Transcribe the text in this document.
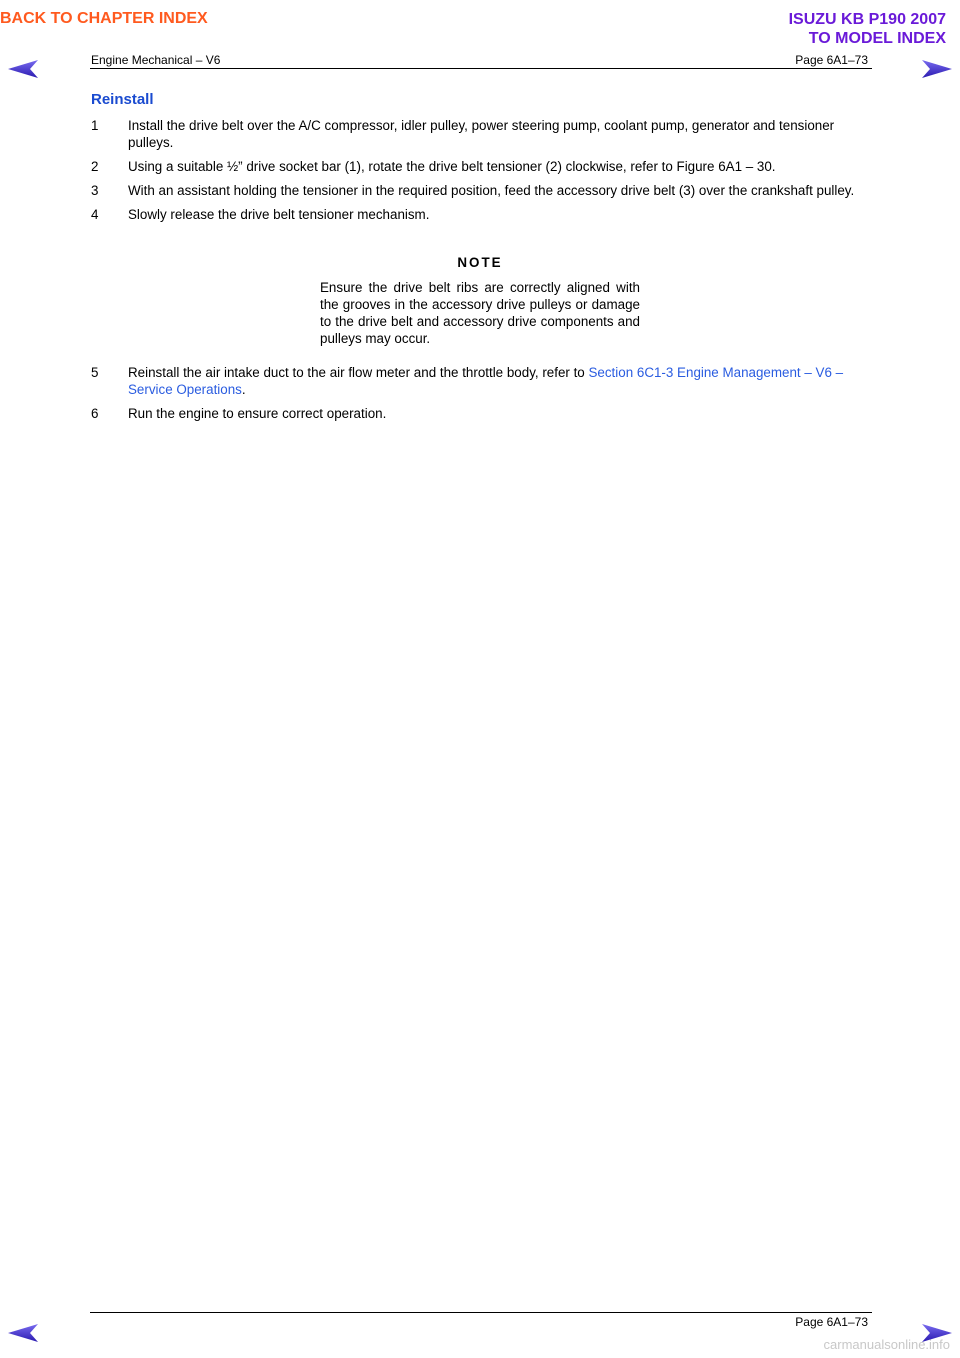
BACK TO CHAPTER INDEX	ISUZU KB P190 2007
TO MODEL INDEX
Engine Mechanical – V6	Page 6A1–73
Reinstall
1	Install the drive belt over the A/C compressor, idler pulley, power steering pump, coolant pump, generator and tensioner pulleys.
2	Using a suitable ½” drive socket bar (1), rotate the drive belt tensioner (2) clockwise, refer to Figure 6A1 – 30.
3	With an assistant holding the tensioner in the required position, feed the accessory drive belt (3) over the crankshaft pulley.
4	Slowly release the drive belt tensioner mechanism.
NOTE
Ensure the drive belt ribs are correctly aligned with the grooves in the accessory drive pulleys or damage to the drive belt and accessory drive components and pulleys may occur.
5	Reinstall the air intake duct to the air flow meter and the throttle body, refer to Section 6C1-3 Engine Management – V6 – Service Operations.
6	Run the engine to ensure correct operation.
Page 6A1–73
carmanualsonline.info
